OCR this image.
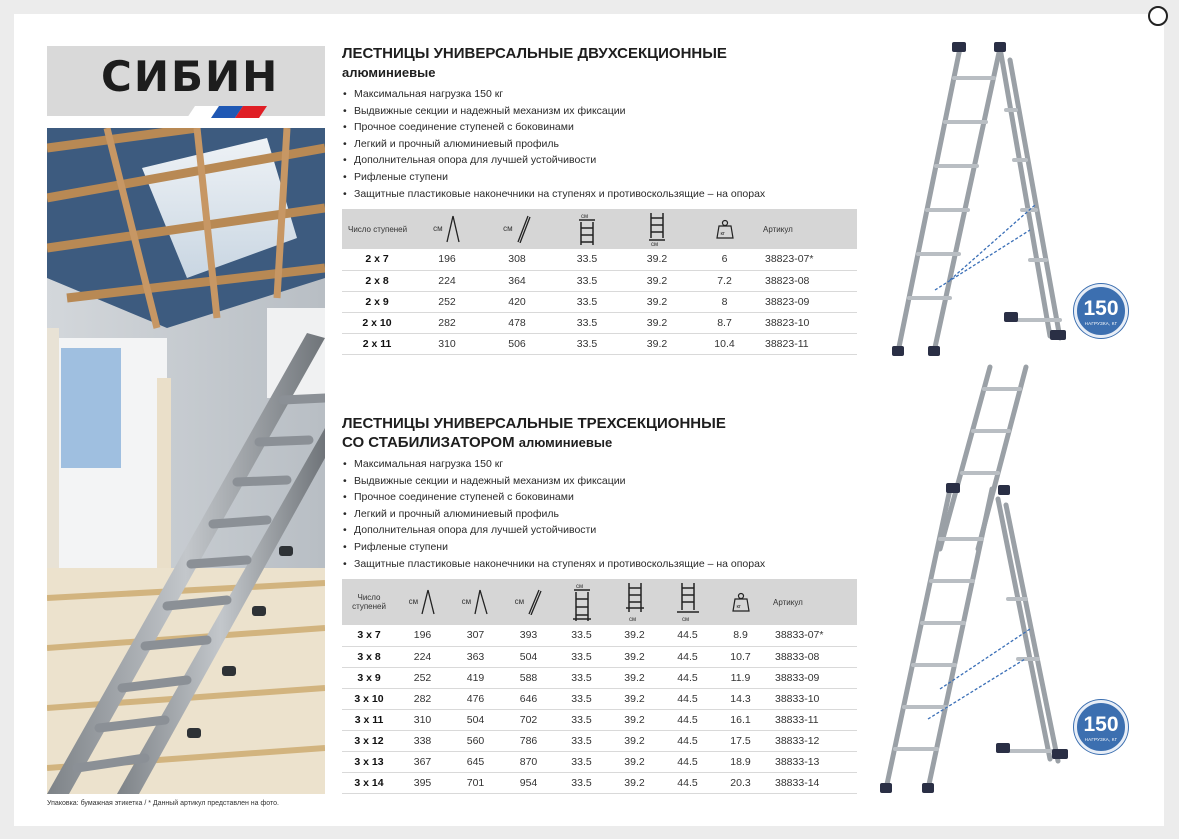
СИБИН
Упаковка: бумажная этикетка / * Данный артикул представлен на фото.
ЛЕСТНИЦЫ УНИВЕРСАЛЬНЫЕ ДВУХСЕКЦИОННЫЕ
алюминиевые
• Максимальная нагрузка 150 кг
• Выдвижные секции и надежный механизм их фиксации
• Прочное соединение ступеней с боковинами
• Легкий и прочный алюминиевый профиль
• Дополнительная опора для лучшей устойчивости
• Рифленые ступени
• Защитные пластиковые наконечники на ступенях и противоскользящие – на опорах
Число ступеней	см	см	см	см	кг	Артикул
2 x 7	196	308	33.5	39.2	6	38823-07*
2 x 8	224	364	33.5	39.2	7.2	38823-08
2 x 9	252	420	33.5	39.2	8	38823-09
2 x 10	282	478	33.5	39.2	8.7	38823-10
2 x 11	310	506	33.5	39.2	10.4	38823-11
ЛЕСТНИЦЫ УНИВЕРСАЛЬНЫЕ ТРЕХСЕКЦИОННЫЕ
СО СТАБИЛИЗАТОРОМ алюминиевые
• Максимальная нагрузка 150 кг
• Выдвижные секции и надежный механизм их фиксации
• Прочное соединение ступеней с боковинами
• Легкий и прочный алюминиевый профиль
• Дополнительная опора для лучшей устойчивости
• Рифленые ступени
• Защитные пластиковые наконечники на ступенях и противоскользящие – на опорах
Число
ступеней	см	см	см	см	см	см	кг	Артикул
3 x 7	196	307	393	33.5	39.2	44.5	8.9	38833-07*
3 x 8	224	363	504	33.5	39.2	44.5	10.7	38833-08
3 x 9	252	419	588	33.5	39.2	44.5	11.9	38833-09
3 x 10	282	476	646	33.5	39.2	44.5	14.3	38833-10
3 x 11	310	504	702	33.5	39.2	44.5	16.1	38833-11
3 x 12	338	560	786	33.5	39.2	44.5	17.5	38833-12
3 x 13	367	645	870	33.5	39.2	44.5	18.9	38833-13
3 x 14	395	701	954	33.5	39.2	44.5	20.3	38833-14
150
НАГРУЗКА, КГ
150
НАГРУЗКА, КГ
